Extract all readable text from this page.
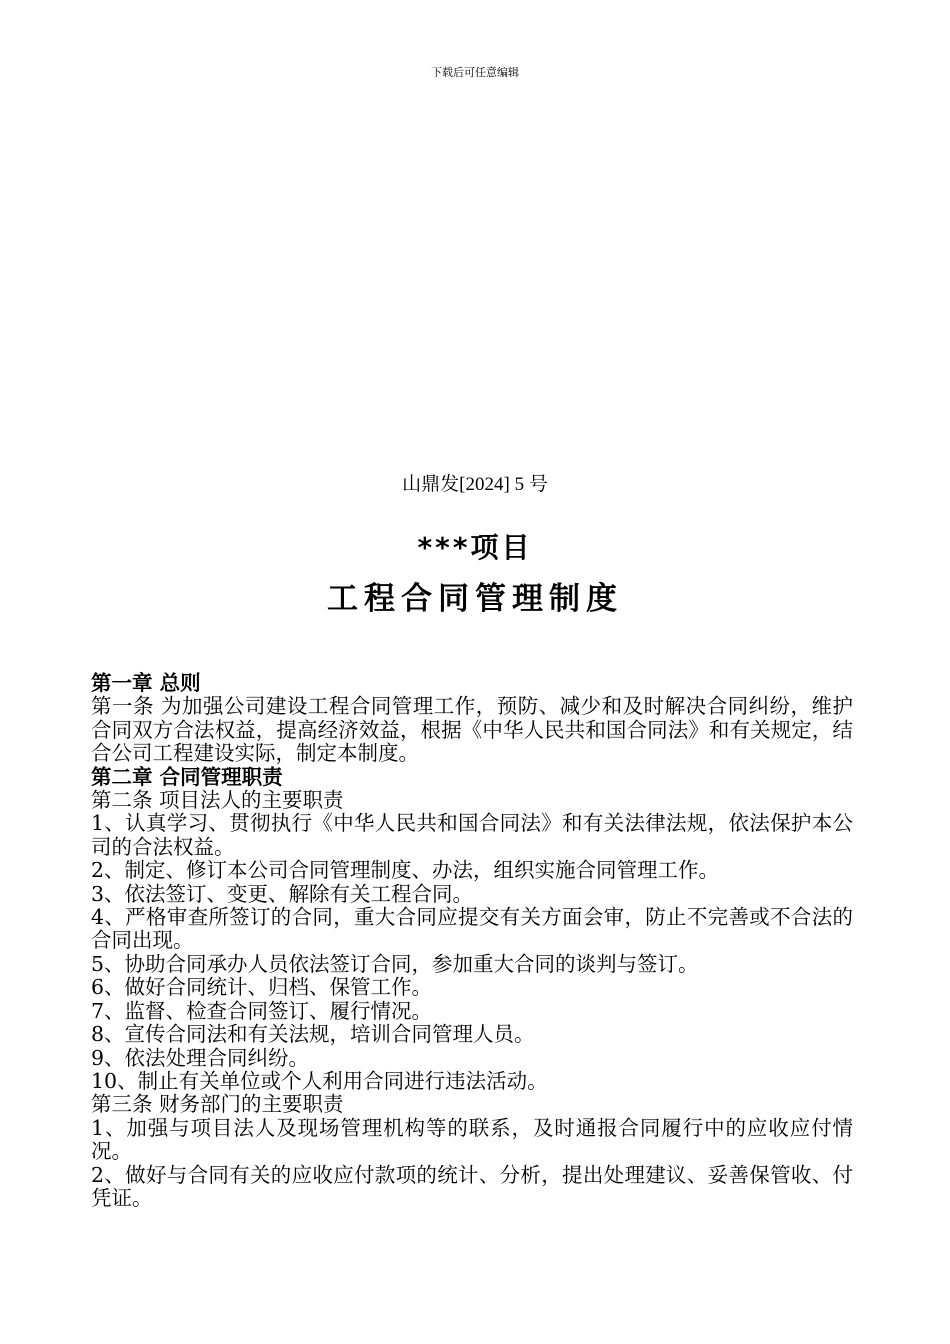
下载后可任意编辑
山鼎发[2024] 5 号
***项目
工程合同管理制度

第一章 总则

第一条 为加强公司建设工程合同管理工作，预防、减少和及时解决合同纠纷，维护合同双方合法权益，提高经济效益，根据《中华人民共和国合同法》和有关规定，结合公司工程建设实际，制定本制度。

第二章 合同管理职责

第二条 项目法人的主要职责

1、认真学习、贯彻执行《中华人民共和国合同法》和有关法律法规，依法保护本公司的合法权益。

2、制定、修订本公司合同管理制度、办法，组织实施合同管理工作。

3、依法签订、变更、解除有关工程合同。

4、严格审查所签订的合同，重大合同应提交有关方面会审，防止不完善或不合法的合同出现。

5、协助合同承办人员依法签订合同，参加重大合同的谈判与签订。

6、做好合同统计、归档、保管工作。

7、监督、检查合同签订、履行情况。

8、宣传合同法和有关法规，培训合同管理人员。

9、依法处理合同纠纷。

10、制止有关单位或个人利用合同进行违法活动。

第三条 财务部门的主要职责

1、加强与项目法人及现场管理机构等的联系，及时通报合同履行中的应收应付情况。

2、做好与合同有关的应收应付款项的统计、分析，提出处理建议、妥善保管收、付凭证。
